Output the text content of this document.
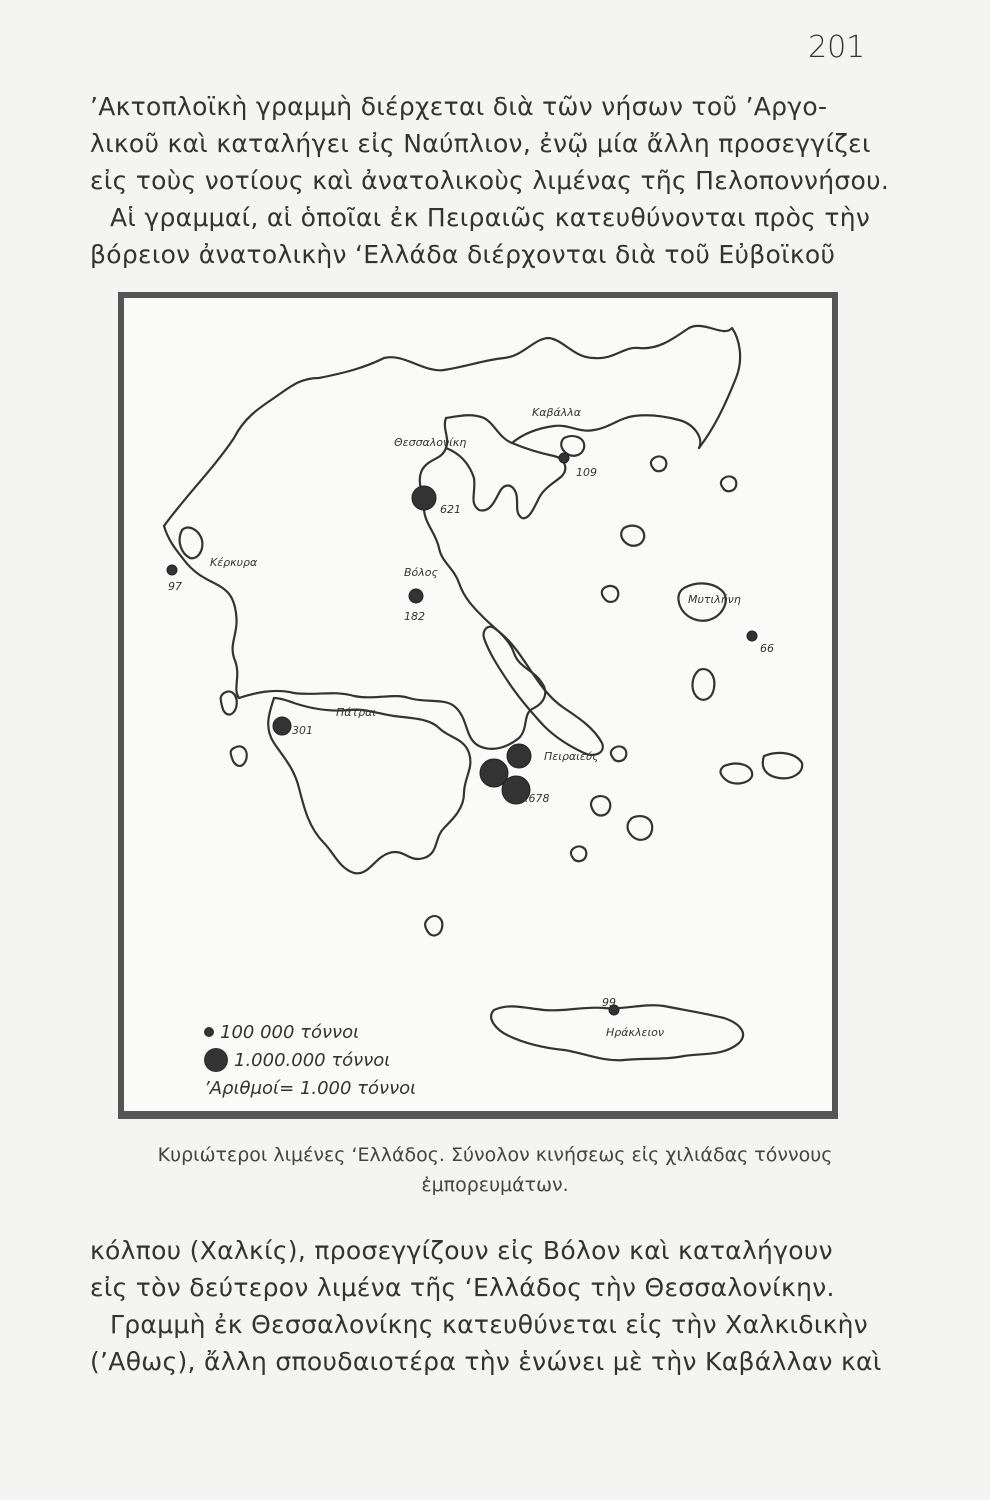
201
’Ακτοπλοϊκὴ γραμμὴ διέρχεται διὰ τῶν νήσων τοῦ ’Αργο-
λικοῦ καὶ καταλήγει εἰς Ναύπλιον, ἐνῷ μία ἄλλη προσεγγίζει
εἰς τοὺς νοτίους καὶ ἀνατολικοὺς λιμένας τῆς Πελοποννήσου.
Αἱ γραμμαί, αἱ ὁποῖαι ἐκ Πειραιῶς κατευθύνονται πρὸς τὴν
βόρειον ἀνατολικὴν ‘Ελλάδα διέρχονται διὰ τοῦ Εὐβοϊκοῦ
Καβάλλα
109
Θεσσαλονίκη
621
Κέρκυρα
97
Βόλος
182
Μυτιλήνη
66
Πάτραι
301
Πειραιεύς
2.678
Ηράκλειον
99
100 000 τόννοι
1.000.000 τόννοι
’Αριθμοί= 1.000 τόννοι
Κυριώτεροι λιμένες ‘Ελλάδος. Σύνολον κινήσεως εἰς χιλιάδας τόννους
ἐμπορευμάτων.
κόλπου (Χαλκίς), προσεγγίζουν εἰς Βόλον καὶ καταλήγουν
εἰς τὸν δεύτερον λιμένα τῆς ‘Ελλάδος τὴν Θεσσαλονίκην.
Γραμμὴ ἐκ Θεσσαλονίκης κατευθύνεται εἰς τὴν Χαλκιδικὴν
(’Αθως), ἄλλη σπουδαιοτέρα τὴν ἑνώνει μὲ τὴν Καβάλλαν καὶ
